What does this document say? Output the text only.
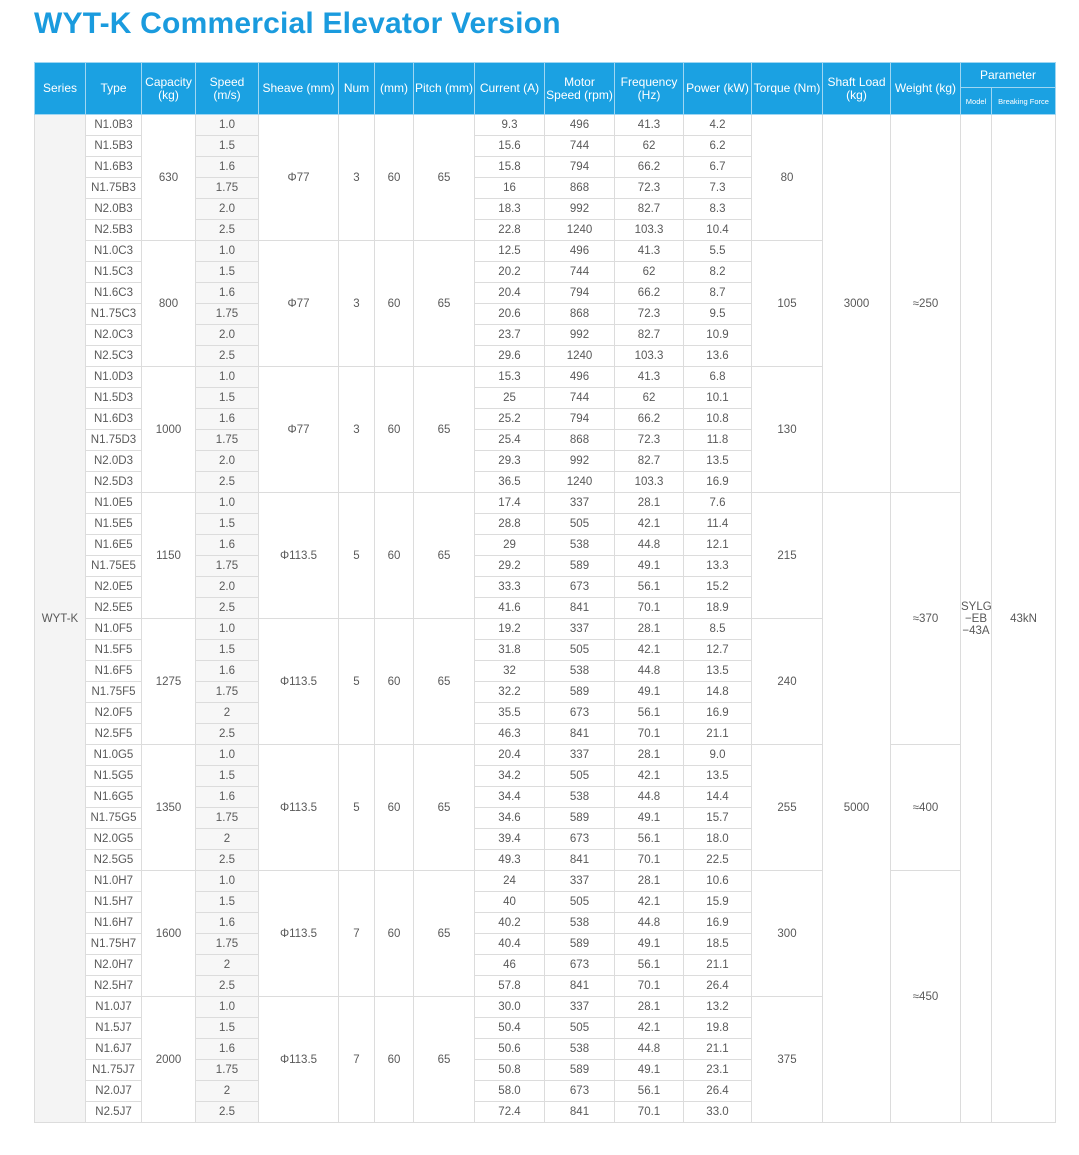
WYT-K Commercial Elevator Version
Series	Type	Capacity (kg)	Speed (m/s)	Sheave (mm)	Num	(mm)	Pitch (mm)	Current (A)	Motor Speed (rpm)	Frequency (Hz)	Power (kW)	Torque (Nm)	Shaft Load (kg)	Weight (kg)	Parameter	
															Model	Breaking Force
WYT-K	N1.0B3	630	1.0	Φ77	3	60	65	9.3	496	41.3	4.2	80	3000	≈250	SYLG −EB −43A	43kN
	N1.5B3		1.5					15.6	744	62	6.2					
	N1.6B3		1.6					15.8	794	66.2	6.7					
	N1.75B3		1.75					16	868	72.3	7.3					
	N2.0B3		2.0					18.3	992	82.7	8.3					
	N2.5B3		2.5					22.8	1240	103.3	10.4					
	N1.0C3	800	1.0	Φ77	3	60	65	12.5	496	41.3	5.5	105				
	N1.5C3		1.5					20.2	744	62	8.2					
	N1.6C3		1.6					20.4	794	66.2	8.7					
	N1.75C3		1.75					20.6	868	72.3	9.5					
	N2.0C3		2.0					23.7	992	82.7	10.9					
	N2.5C3		2.5					29.6	1240	103.3	13.6					
	N1.0D3	1000	1.0	Φ77	3	60	65	15.3	496	41.3	6.8	130				
	N1.5D3		1.5					25	744	62	10.1					
	N1.6D3		1.6					25.2	794	66.2	10.8					
	N1.75D3		1.75					25.4	868	72.3	11.8					
	N2.0D3		2.0					29.3	992	82.7	13.5					
	N2.5D3		2.5					36.5	1240	103.3	16.9					
	N1.0E5	1150	1.0	Φ113.5	5	60	65	17.4	337	28.1	7.6	215	5000	≈370		
	N1.5E5		1.5					28.8	505	42.1	11.4					
	N1.6E5		1.6					29	538	44.8	12.1					
	N1.75E5		1.75					29.2	589	49.1	13.3					
	N2.0E5		2.0					33.3	673	56.1	15.2					
	N2.5E5		2.5					41.6	841	70.1	18.9					
	N1.0F5	1275	1.0	Φ113.5	5	60	65	19.2	337	28.1	8.5	240				
	N1.5F5		1.5					31.8	505	42.1	12.7					
	N1.6F5		1.6					32	538	44.8	13.5					
	N1.75F5		1.75					32.2	589	49.1	14.8					
	N2.0F5		2					35.5	673	56.1	16.9					
	N2.5F5		2.5					46.3	841	70.1	21.1					
	N1.0G5	1350	1.0	Φ113.5	5	60	65	20.4	337	28.1	9.0	255		≈400		
	N1.5G5		1.5					34.2	505	42.1	13.5					
	N1.6G5		1.6					34.4	538	44.8	14.4					
	N1.75G5		1.75					34.6	589	49.1	15.7					
	N2.0G5		2					39.4	673	56.1	18.0					
	N2.5G5		2.5					49.3	841	70.1	22.5					
	N1.0H7	1600	1.0	Φ113.5	7	60	65	24	337	28.1	10.6	300		≈450		
	N1.5H7		1.5					40	505	42.1	15.9					
	N1.6H7		1.6					40.2	538	44.8	16.9					
	N1.75H7		1.75					40.4	589	49.1	18.5					
	N2.0H7		2					46	673	56.1	21.1					
	N2.5H7		2.5					57.8	841	70.1	26.4					
	N1.0J7	2000	1.0	Φ113.5	7	60	65	30.0	337	28.1	13.2	375				
	N1.5J7		1.5					50.4	505	42.1	19.8					
	N1.6J7		1.6					50.6	538	44.8	21.1					
	N1.75J7		1.75					50.8	589	49.1	23.1					
	N2.0J7		2					58.0	673	56.1	26.4					
	N2.5J7		2.5					72.4	841	70.1	33.0					
